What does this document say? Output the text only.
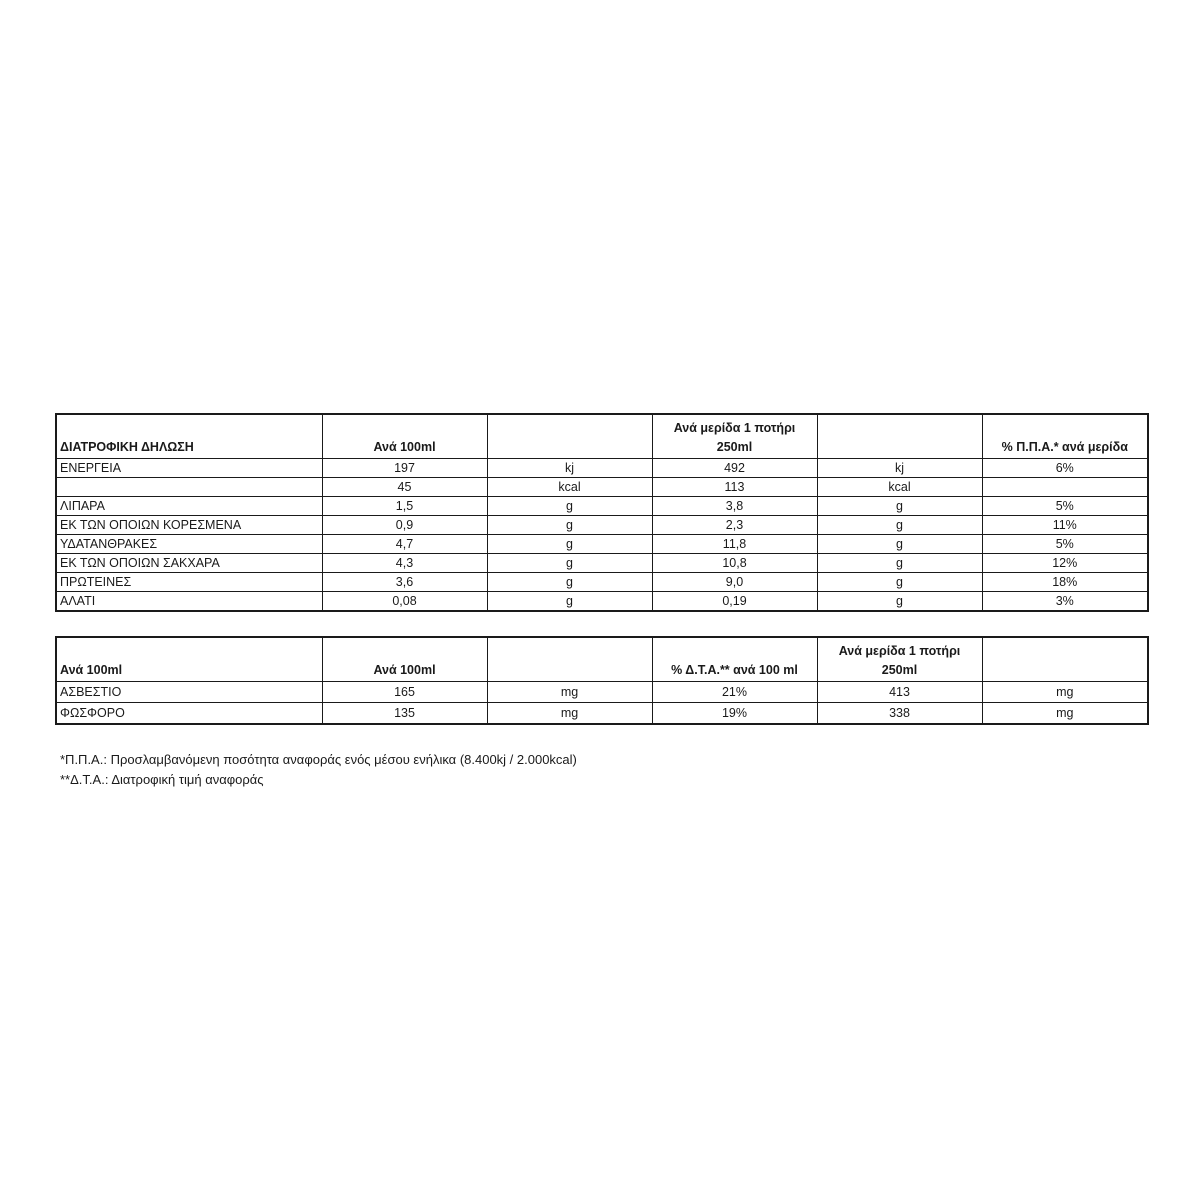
ΔΙΑΤΡΟΦΙΚΗ ΔΗΛΩΣΗ	Ανά 100ml		Ανά μερίδα 1 ποτήρι 250ml		% Π.Π.Α.* ανά μερίδα
ΕΝΕΡΓΕΙΑ	197	kj	492	kj	6%
	45	kcal	113	kcal	
ΛΙΠΑΡΑ	1,5	g	3,8	g	5%
ΕΚ ΤΩΝ ΟΠΟΙΩΝ ΚΟΡΕΣΜΕΝΑ	0,9	g	2,3	g	11%
ΥΔΑΤΑΝΘΡΑΚΕΣ	4,7	g	11,8	g	5%
ΕΚ ΤΩΝ ΟΠΟΙΩΝ ΣΑΚΧΑΡΑ	4,3	g	10,8	g	12%
ΠΡΩΤΕΙΝΕΣ	3,6	g	9,0	g	18%
ΑΛΑΤΙ	0,08	g	0,19	g	3%
Ανά 100ml	Ανά 100ml		% Δ.Τ.Α.** ανά 100 ml	Ανά μερίδα 1 ποτήρι 250ml	
ΑΣΒΕΣΤΙΟ	165	mg	21%	413	mg
ΦΩΣΦΟΡΟ	135	mg	19%	338	mg
*Π.Π.Α.: Προσλαμβανόμενη ποσότητα αναφοράς ενός μέσου ενήλικα (8.400kj / 2.000kcal)
**Δ.Τ.Α.: Διατροφική τιμή αναφοράς
